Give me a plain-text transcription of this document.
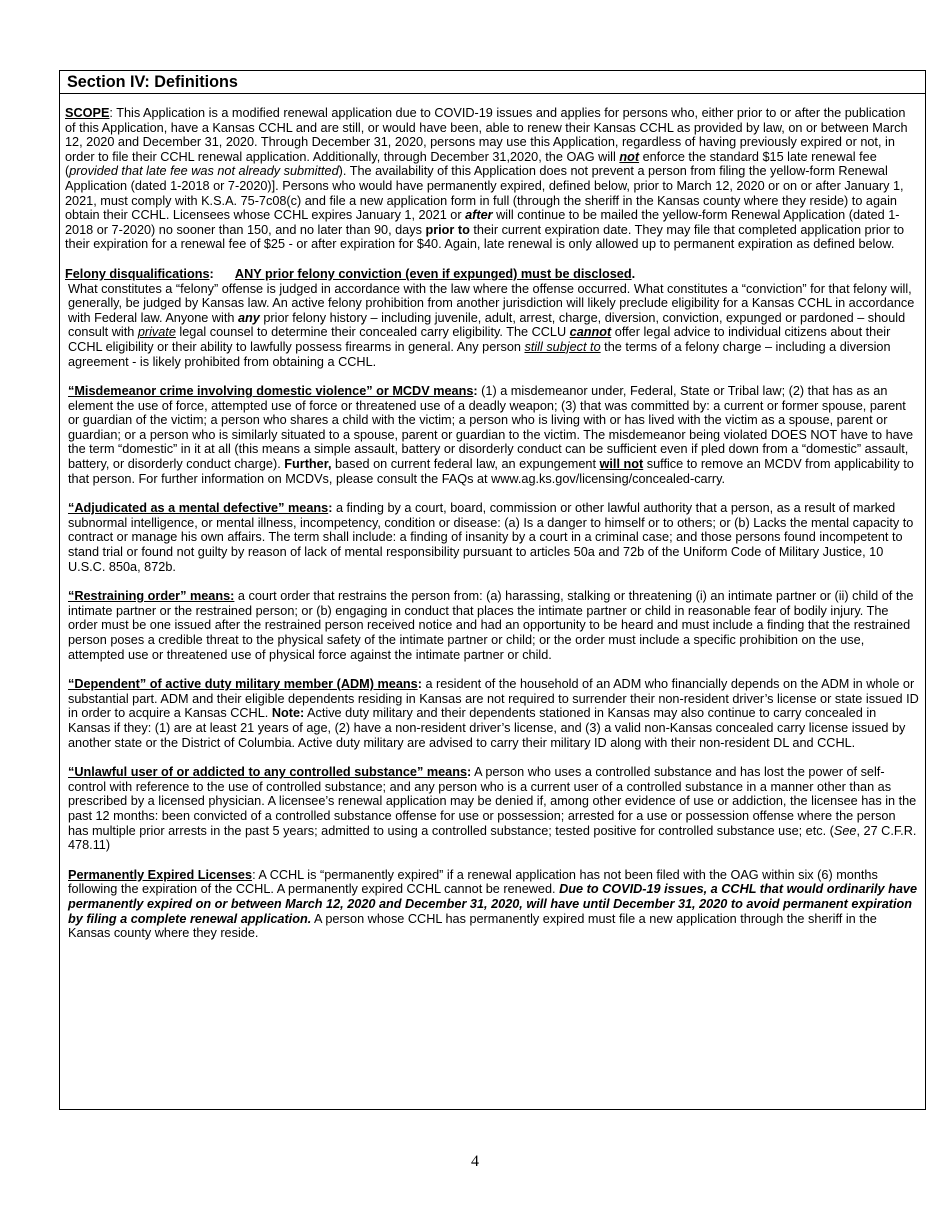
Section IV: Definitions

SCOPE: This Application is a modified renewal application due to COVID-19 issues and applies for persons who, either prior to or after the publication of this Application, have a Kansas CCHL and are still, or would have been, able to renew their Kansas CCHL as provided by law, on or between March 12, 2020 and December 31, 2020. Through December 31, 2020, persons may use this Application, regardless of having previously expired or not, in order to file their CCHL renewal application. Additionally, through December 31,2020, the OAG will not enforce the standard $15 late renewal fee (provided that late fee was not already submitted). The availability of this Application does not prevent a person from filing the yellow-form Renewal Application (dated 1-2018 or 7-2020)]. Persons who would have permanently expired, defined below, prior to March 12, 2020 or on or after January 1, 2021, must comply with K.S.A. 75-7c08(c) and file a new application form in full (through the sheriff in the Kansas county where they reside) to again obtain their CCHL. Licensees whose CCHL expires January 1, 2021 or after will continue to be mailed the yellow-form Renewal Application (dated 1-2018 or 7-2020) no sooner than 150, and no later than 90, days prior to their current expiration date. They may file that completed application prior to their expiration for a renewal fee of $25 - or after expiration for $40. Again, late renewal is only allowed up to permanent expiration as defined below.

Felony disqualifications: ANY prior felony conviction (even if expunged) must be disclosed.

What constitutes a “felony” offense is judged in accordance with the law where the offense occurred. What constitutes a “conviction” for that felony will, generally, be judged by Kansas law. An active felony prohibition from another jurisdiction will likely preclude eligibility for a Kansas CCHL in accordance with Federal law. Anyone with any prior felony history – including juvenile, adult, arrest, charge, diversion, conviction, expunged or pardoned – should consult with private legal counsel to determine their concealed carry eligibility. The CCLU cannot offer legal advice to individual citizens about their CCHL eligibility or their ability to lawfully possess firearms in general. Any person still subject to the terms of a felony charge – including a diversion agreement - is likely prohibited from obtaining a CCHL.

“Misdemeanor crime involving domestic violence” or MCDV means: (1) a misdemeanor under, Federal, State or Tribal law; (2) that has as an element the use of force, attempted use of force or threatened use of a deadly weapon; (3) that was committed by: a current or former spouse, parent or guardian of the victim; a person who shares a child with the victim; a person who is living with or has lived with the victim as a spouse, parent or guardian; or a person who is similarly situated to a spouse, parent or guardian to the victim. The misdemeanor being violated DOES NOT have to have the term “domestic” in it at all (this means a simple assault, battery or disorderly conduct can be sufficient even if pled down from a “domestic” assault, battery, or disorderly conduct charge). Further, based on current federal law, an expungement will not suffice to remove an MCDV from applicability to that person. For further information on MCDVs, please consult the FAQs at www.ag.ks.gov/licensing/concealed-carry.

“Adjudicated as a mental defective” means: a finding by a court, board, commission or other lawful authority that a person, as a result of marked subnormal intelligence, or mental illness, incompetency, condition or disease: (a) Is a danger to himself or to others; or (b) Lacks the mental capacity to contract or manage his own affairs. The term shall include: a finding of insanity by a court in a criminal case; and those persons found incompetent to stand trial or found not guilty by reason of lack of mental responsibility pursuant to articles 50a and 72b of the Uniform Code of Military Justice, 10 U.S.C. 850a, 872b.

“Restraining order” means: a court order that restrains the person from: (a) harassing, stalking or threatening (i) an intimate partner or (ii) child of the intimate partner or the restrained person; or (b) engaging in conduct that places the intimate partner or child in reasonable fear of bodily injury. The order must be one issued after the restrained person received notice and had an opportunity to be heard and must include a finding that the restrained person poses a credible threat to the physical safety of the intimate partner or child; or the order must include a specific prohibition on the use, attempted use or threatened use of physical force against the intimate partner or child.

“Dependent” of active duty military member (ADM) means: a resident of the household of an ADM who financially depends on the ADM in whole or substantial part. ADM and their eligible dependents residing in Kansas are not required to surrender their non-resident driver’s license or state issued ID in order to acquire a Kansas CCHL. Note: Active duty military and their dependents stationed in Kansas may also continue to carry concealed in Kansas if they: (1) are at least 21 years of age, (2) have a non-resident driver’s license, and (3) a valid non-Kansas concealed carry license issued by another state or the District of Columbia. Active duty military are advised to carry their military ID along with their non-resident DL and CCHL.

“Unlawful user of or addicted to any controlled substance” means: A person who uses a controlled substance and has lost the power of self-control with reference to the use of controlled substance; and any person who is a current user of a controlled substance in a manner other than as prescribed by a licensed physician. A licensee’s renewal application may be denied if, among other evidence of use or addiction, the licensee has in the past 12 months: been convicted of a controlled substance offense for use or possession; arrested for a use or possession offense where the person has multiple prior arrests in the past 5 years; admitted to using a controlled substance; tested positive for controlled substance use; etc. (See, 27 C.F.R. 478.11)

Permanently Expired Licenses: A CCHL is “permanently expired” if a renewal application has not been filed with the OAG within six (6) months following the expiration of the CCHL. A permanently expired CCHL cannot be renewed. Due to COVID-19 issues, a CCHL that would ordinarily have permanently expired on or between March 12, 2020 and December 31, 2020, will have until December 31, 2020 to avoid permanent expiration by filing a complete renewal application. A person whose CCHL has permanently expired must file a new application through the sheriff in the Kansas county where they reside.

4
